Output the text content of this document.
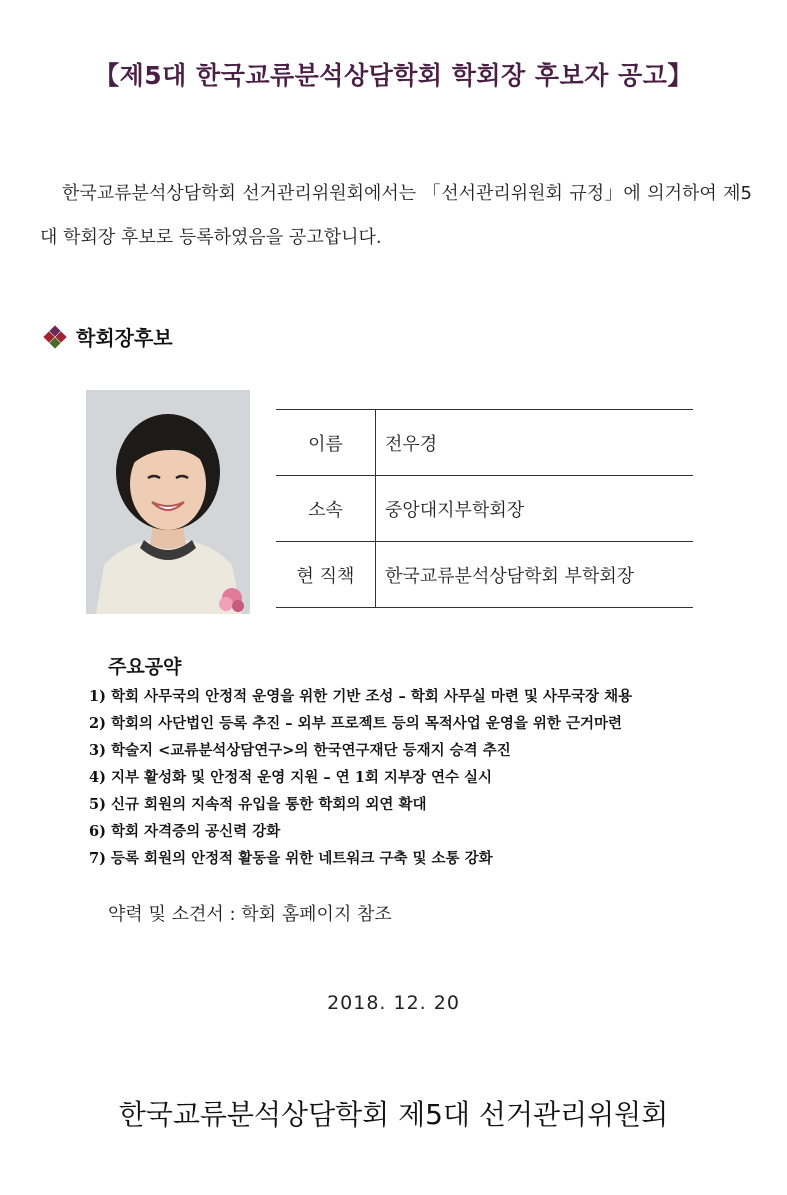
【제5대 한국교류분석상담학회 학회장 후보자 공고】
한국교류분석상담학회 선거관리위원회에서는 「선서관리위원회 규정」에 의거하여 제5대 학회장 후보로 등록하였음을 공고합니다.
학회장후보
이름	전우경
소속	중앙대지부학회장
현 직책	한국교류분석상담학회 부학회장
주요공약
1) 학회 사무국의 안정적 운영을 위한 기반 조성 – 학회 사무실 마련 및 사무국장 채용
2) 학회의 사단법인 등록 추진 – 외부 프로젝트 등의 목적사업 운영을 위한 근거마련
3) 학술지 <교류분석상담연구>의 한국연구재단 등재지 승격 추진
4) 지부 활성화 및 안정적 운영 지원 – 연 1회 지부장 연수 실시
5) 신규 회원의 지속적 유입을 통한 학회의 외연 확대
6) 학회 자격증의 공신력 강화
7) 등록 회원의 안정적 활동을 위한 네트워크 구축 및 소통 강화
약력 및 소견서 : 학회 홈페이지 참조
2018. 12. 20
한국교류분석상담학회 제5대 선거관리위원회
